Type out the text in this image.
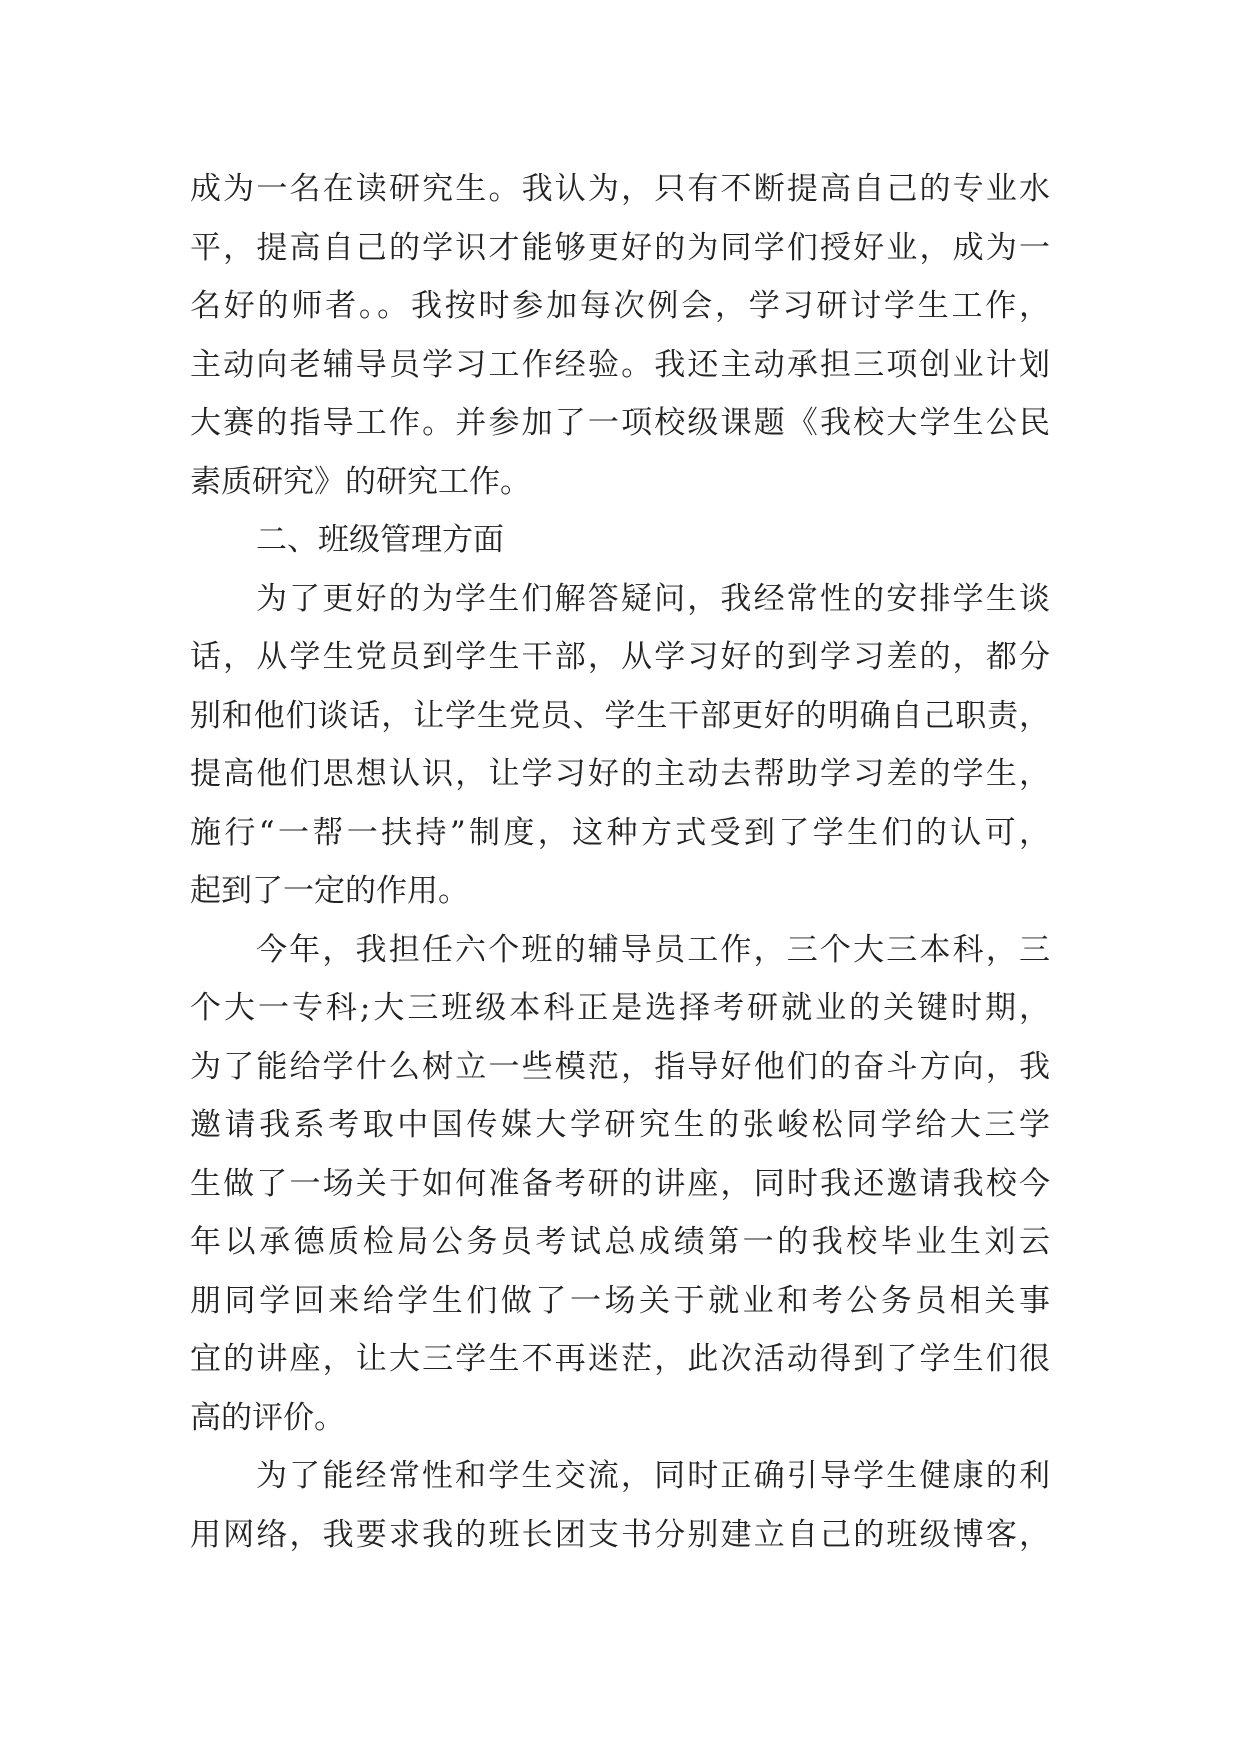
成为一名在读研究生。我认为，只有不断提高自己的专业水
平，提高自己的学识才能够更好的为同学们授好业，成为一
名好的师者。。我按时参加每次例会，学习研讨学生工作，
主动向老辅导员学习工作经验。我还主动承担三项创业计划
大赛的指导工作。并参加了一项校级课题《我校大学生公民
素质研究》的研究工作。
二、班级管理方面
为了更好的为学生们解答疑问，我经常性的安排学生谈
话，从学生党员到学生干部，从学习好的到学习差的，都分
别和他们谈话，让学生党员、学生干部更好的明确自己职责，
提高他们思想认识，让学习好的主动去帮助学习差的学生，
施行“一帮一扶持”制度，这种方式受到了学生们的认可，
起到了一定的作用。
今年，我担任六个班的辅导员工作，三个大三本科，三
个大一专科;大三班级本科正是选择考研就业的关键时期，
为了能给学什么树立一些模范，指导好他们的奋斗方向，我
邀请我系考取中国传媒大学研究生的张峻松同学给大三学
生做了一场关于如何准备考研的讲座，同时我还邀请我校今
年以承德质检局公务员考试总成绩第一的我校毕业生刘云
朋同学回来给学生们做了一场关于就业和考公务员相关事
宜的讲座，让大三学生不再迷茫，此次活动得到了学生们很
高的评价。
为了能经常性和学生交流，同时正确引导学生健康的利
用网络，我要求我的班长团支书分别建立自己的班级博客，
